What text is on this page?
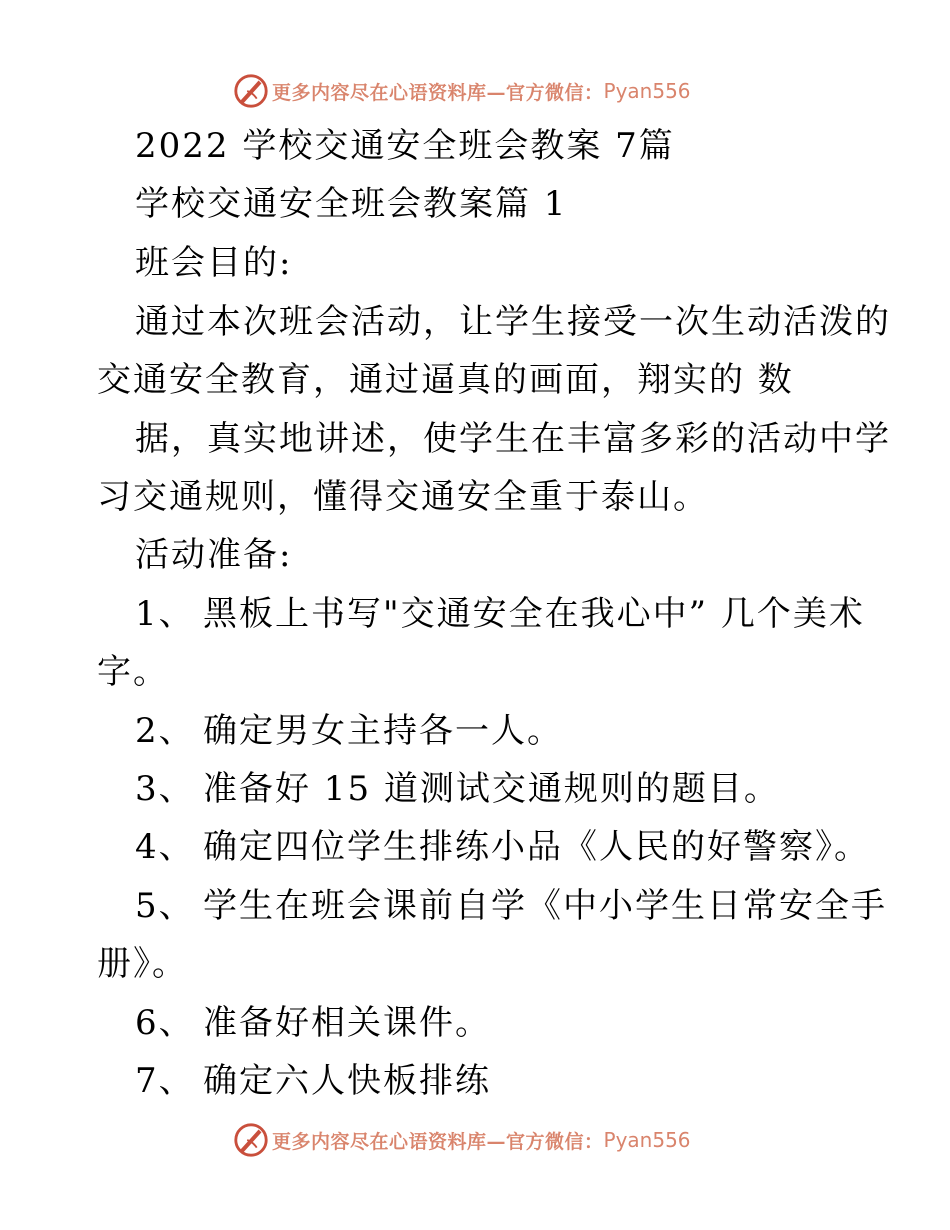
更多内容尽在心语资料库—官方微信： Pyan556
2022 学校交通安全班会教案 7篇
学校交通安全班会教案篇 1
班会目的:
通过本次班会活动，让学生接受一次生动活泼的
交通安全教育，通过逼真的画面，翔实的 数
据，真实地讲述，使学生在丰富多彩的活动中学
习交通规则，懂得交通安全重于泰山。
活动准备:
1、 黑板上书写"交通安全在我心中” 几个美术
字。
2、 确定男女主持各一人。
3、 准备好 15 道测试交通规则的题目。
4、 确定四位学生排练小品《人民的好警察》。
5、 学生在班会课前自学《中小学生日常安全手
册》。
6、 准备好相关课件。
7、 确定六人快板排练
更多内容尽在心语资料库—官方微信： Pyan556
